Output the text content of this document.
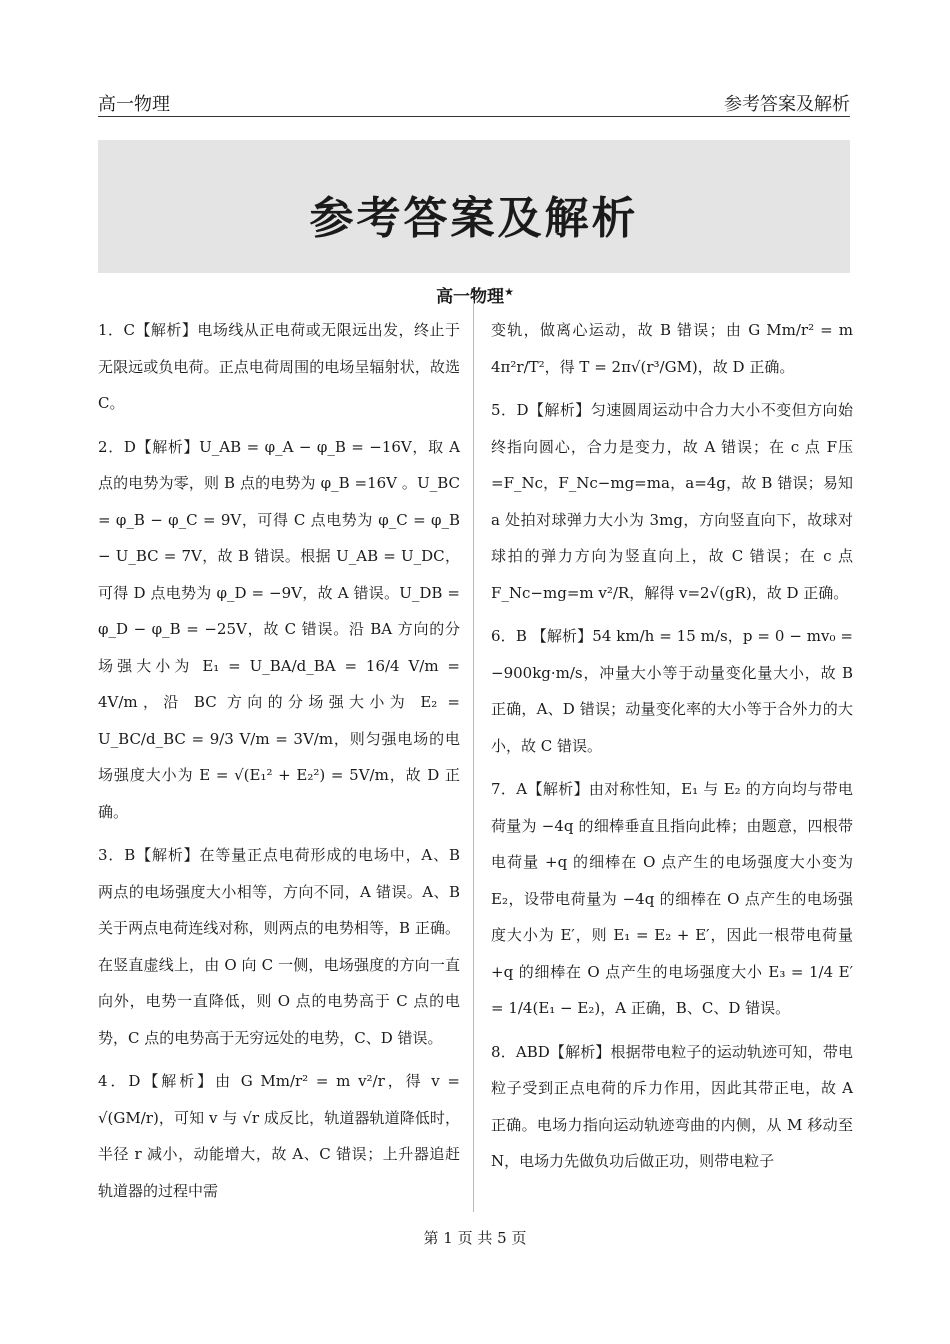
高一物理	参考答案及解析
参考答案及解析
高一物理★

1．C【解析】电场线从正电荷或无限远出发，终止于无限远或负电荷。正点电荷周围的电场呈辐射状，故选 C。

2．D【解析】U_AB = φ_A − φ_B = −16V，取 A 点的电势为零，则 B 点的电势为 φ_B =16V 。U_BC = φ_B − φ_C = 9V，可得 C 点电势为 φ_C = φ_B − U_BC = 7V，故 B 错误。根据 U_AB = U_DC，可得 D 点电势为 φ_D = −9V，故 A 错误。U_DB = φ_D − φ_B = −25V，故 C 错误。沿 BA 方向的分场强大小为 E₁ = U_BA/d_BA = 16/4 V/m = 4V/m，沿 BC 方向的分场强大小为 E₂ = U_BC/d_BC = 9/3 V/m = 3V/m，则匀强电场的电场强度大小为 E = √(E₁² + E₂²) = 5V/m，故 D 正确。

3．B【解析】在等量正点电荷形成的电场中，A、B 两点的电场强度大小相等，方向不同，A 错误。A、B 关于两点电荷连线对称，则两点的电势相等，B 正确。在竖直虚线上，由 O 向 C 一侧，电场强度的方向一直向外，电势一直降低，则 O 点的电势高于 C 点的电势，C 点的电势高于无穷远处的电势，C、D 错误。

4．D【解析】由 G Mm/r² = m v²/r，得 v = √(GM/r)，可知 v 与 √r 成反比，轨道器轨道降低时，半径 r 减小，动能增大，故 A、C 错误；上升器追赶轨道器的过程中需

变轨，做离心运动，故 B 错误；由 G Mm/r² = m 4π²r/T²，得 T = 2π√(r³/GM)，故 D 正确。

5．D【解析】匀速圆周运动中合力大小不变但方向始终指向圆心，合力是变力，故 A 错误；在 c 点 F压=F_Nc，F_Nc−mg=ma，a=4g，故 B 错误；易知 a 处拍对球弹力大小为 3mg，方向竖直向下，故球对球拍的弹力方向为竖直向上，故 C 错误；在 c 点 F_Nc−mg=m v²/R，解得 v=2√(gR)，故 D 正确。

6．B 【解析】54 km/h = 15 m/s，p = 0 − mv₀ = −900kg·m/s，冲量大小等于动量变化量大小，故 B 正确，A、D 错误；动量变化率的大小等于合外力的大小，故 C 错误。

7．A【解析】由对称性知，E₁ 与 E₂ 的方向均与带电荷量为 −4q 的细棒垂直且指向此棒；由题意，四根带电荷量 +q 的细棒在 O 点产生的电场强度大小变为 E₂，设带电荷量为 −4q 的细棒在 O 点产生的电场强度大小为 E′，则 E₁ = E₂ + E′，因此一根带电荷量 +q 的细棒在 O 点产生的电场强度大小 E₃ = 1/4 E′ = 1/4(E₁ − E₂)，A 正确，B、C、D 错误。

8．ABD【解析】根据带电粒子的运动轨迹可知，带电粒子受到正点电荷的斥力作用，因此其带正电，故 A 正确。电场力指向运动轨迹弯曲的内侧，从 M 移动至 N，电场力先做负功后做正功，则带电粒子

第 1 页 共 5 页
